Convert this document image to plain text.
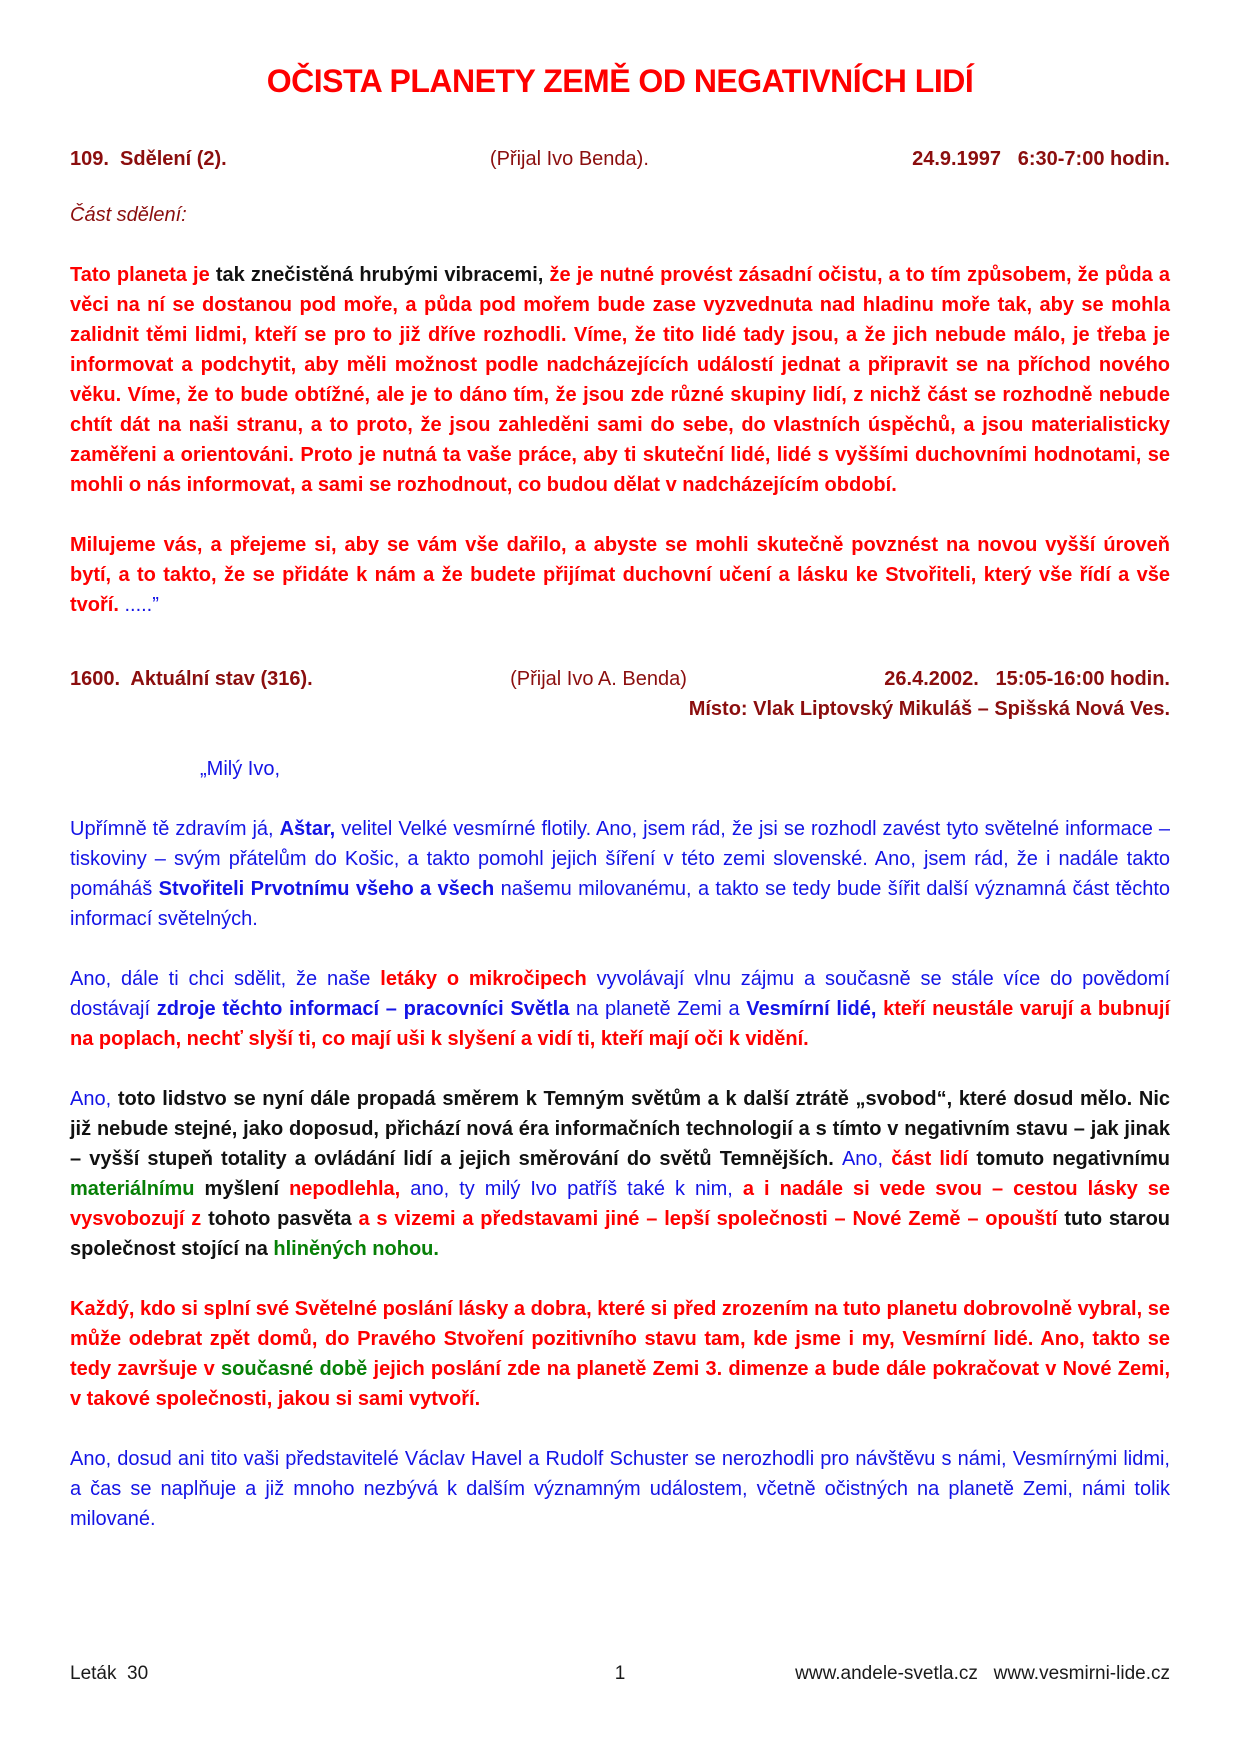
OČISTA PLANETY ZEMĚ OD NEGATIVNÍCH LIDÍ
109.  Sdělení (2).	(Přijal Ivo Benda).	24.9.1997   6:30-7:00 hodin.

Část sdělení:

Tato planeta je tak znečistěná hrubými vibracemi, že je nutné provést zásadní očistu, a to tím způsobem, že půda a věci na ní se dostanou pod moře, a půda pod mořem bude zase vyzvednuta nad hladinu moře tak, aby se mohla zalidnit těmi lidmi, kteří se pro to již dříve rozhodli. Víme, že tito lidé tady jsou, a že jich nebude málo, je třeba je informovat a podchytit, aby měli možnost podle nadcházejících událostí jednat a připravit se na příchod nového věku. Víme, že to bude obtížné, ale je to dáno tím, že jsou zde různé skupiny lidí, z nichž část se rozhodně nebude chtít dát na naši stranu, a to proto, že jsou zahleděni sami do sebe, do vlastních úspěchů, a jsou materialisticky zaměřeni a orientováni. Proto je nutná ta vaše práce, aby ti skuteční lidé, lidé s vyššími duchovními hodnotami, se mohli o nás informovat, a sami se rozhodnout, co budou dělat v nadcházejícím období.

Milujeme vás, a přejeme si, aby se vám vše dařilo, a abyste se mohli skutečně povznést na novou vyšší úroveň bytí, a to takto, že se přidáte k nám a že budete přijímat duchovní učení a lásku ke Stvořiteli, který vše řídí a vše tvoří. .....”

1600.  Aktuální stav (316).	(Přijal Ivo A. Benda)	26.4.2002.   15:05-16:00 hodin.
Místo: Vlak Liptovský Mikuláš – Spišská Nová Ves.

„Milý Ivo,

Upřímně tě zdravím já, Aštar, velitel Velké vesmírné flotily. Ano, jsem rád, že jsi se rozhodl zavést tyto světelné informace – tiskoviny – svým přátelům do Košic, a takto pomohl jejich šíření v této zemi slovenské. Ano, jsem rád, že i nadále takto pomáháš Stvořiteli Prvotnímu všeho a všech našemu milovanému, a takto se tedy bude šířit další významná část těchto informací světelných.

Ano, dále ti chci sdělit, že naše letáky o mikročipech vyvolávají vlnu zájmu a současně se stále více do povědomí dostávají zdroje těchto informací – pracovníci Světla na planetě Zemi a Vesmírní lidé, kteří neustále varují a bubnují na poplach, nechť slyší ti, co mají uši k slyšení a vidí ti, kteří mají oči k vidění.

Ano, toto lidstvo se nyní dále propadá směrem k Temným světům a k další ztrátě „svobod“, které dosud mělo. Nic již nebude stejné, jako doposud, přichází nová éra informačních technologií a s tímto v negativním stavu – jak jinak – vyšší stupeň totality a ovládání lidí a jejich směrování do světů Temnějších. Ano, část lidí tomuto negativnímu materiálnímu myšlení nepodlehla, ano, ty milý Ivo patříš také k nim, a i nadále si vede svou – cestou lásky se vysvobozují z tohoto pasvěta a s vizemi a představami jiné – lepší společnosti – Nové Země – opouští tuto starou společnost stojící na hliněných nohou.

Každý, kdo si splní své Světelné poslání lásky a dobra, které si před zrozením na tuto planetu dobrovolně vybral, se může odebrat zpět domů, do Pravého Stvoření pozitivního stavu tam, kde jsme i my, Vesmírní lidé. Ano, takto se tedy završuje v současné době jejich poslání zde na planetě Zemi 3. dimenze a bude dále pokračovat v Nové Zemi, v takové společnosti, jakou si sami vytvoří.

Ano, dosud ani tito vaši představitelé Václav Havel a Rudolf Schuster se nerozhodli pro návštěvu s námi, Vesmírnými lidmi, a čas se naplňuje a již mnoho nezbývá k dalším významným událostem, včetně očistných na planetě Zemi, námi tolik milované.

Leták  30	1	www.andele-svetla.cz   www.vesmirni-lide.cz
